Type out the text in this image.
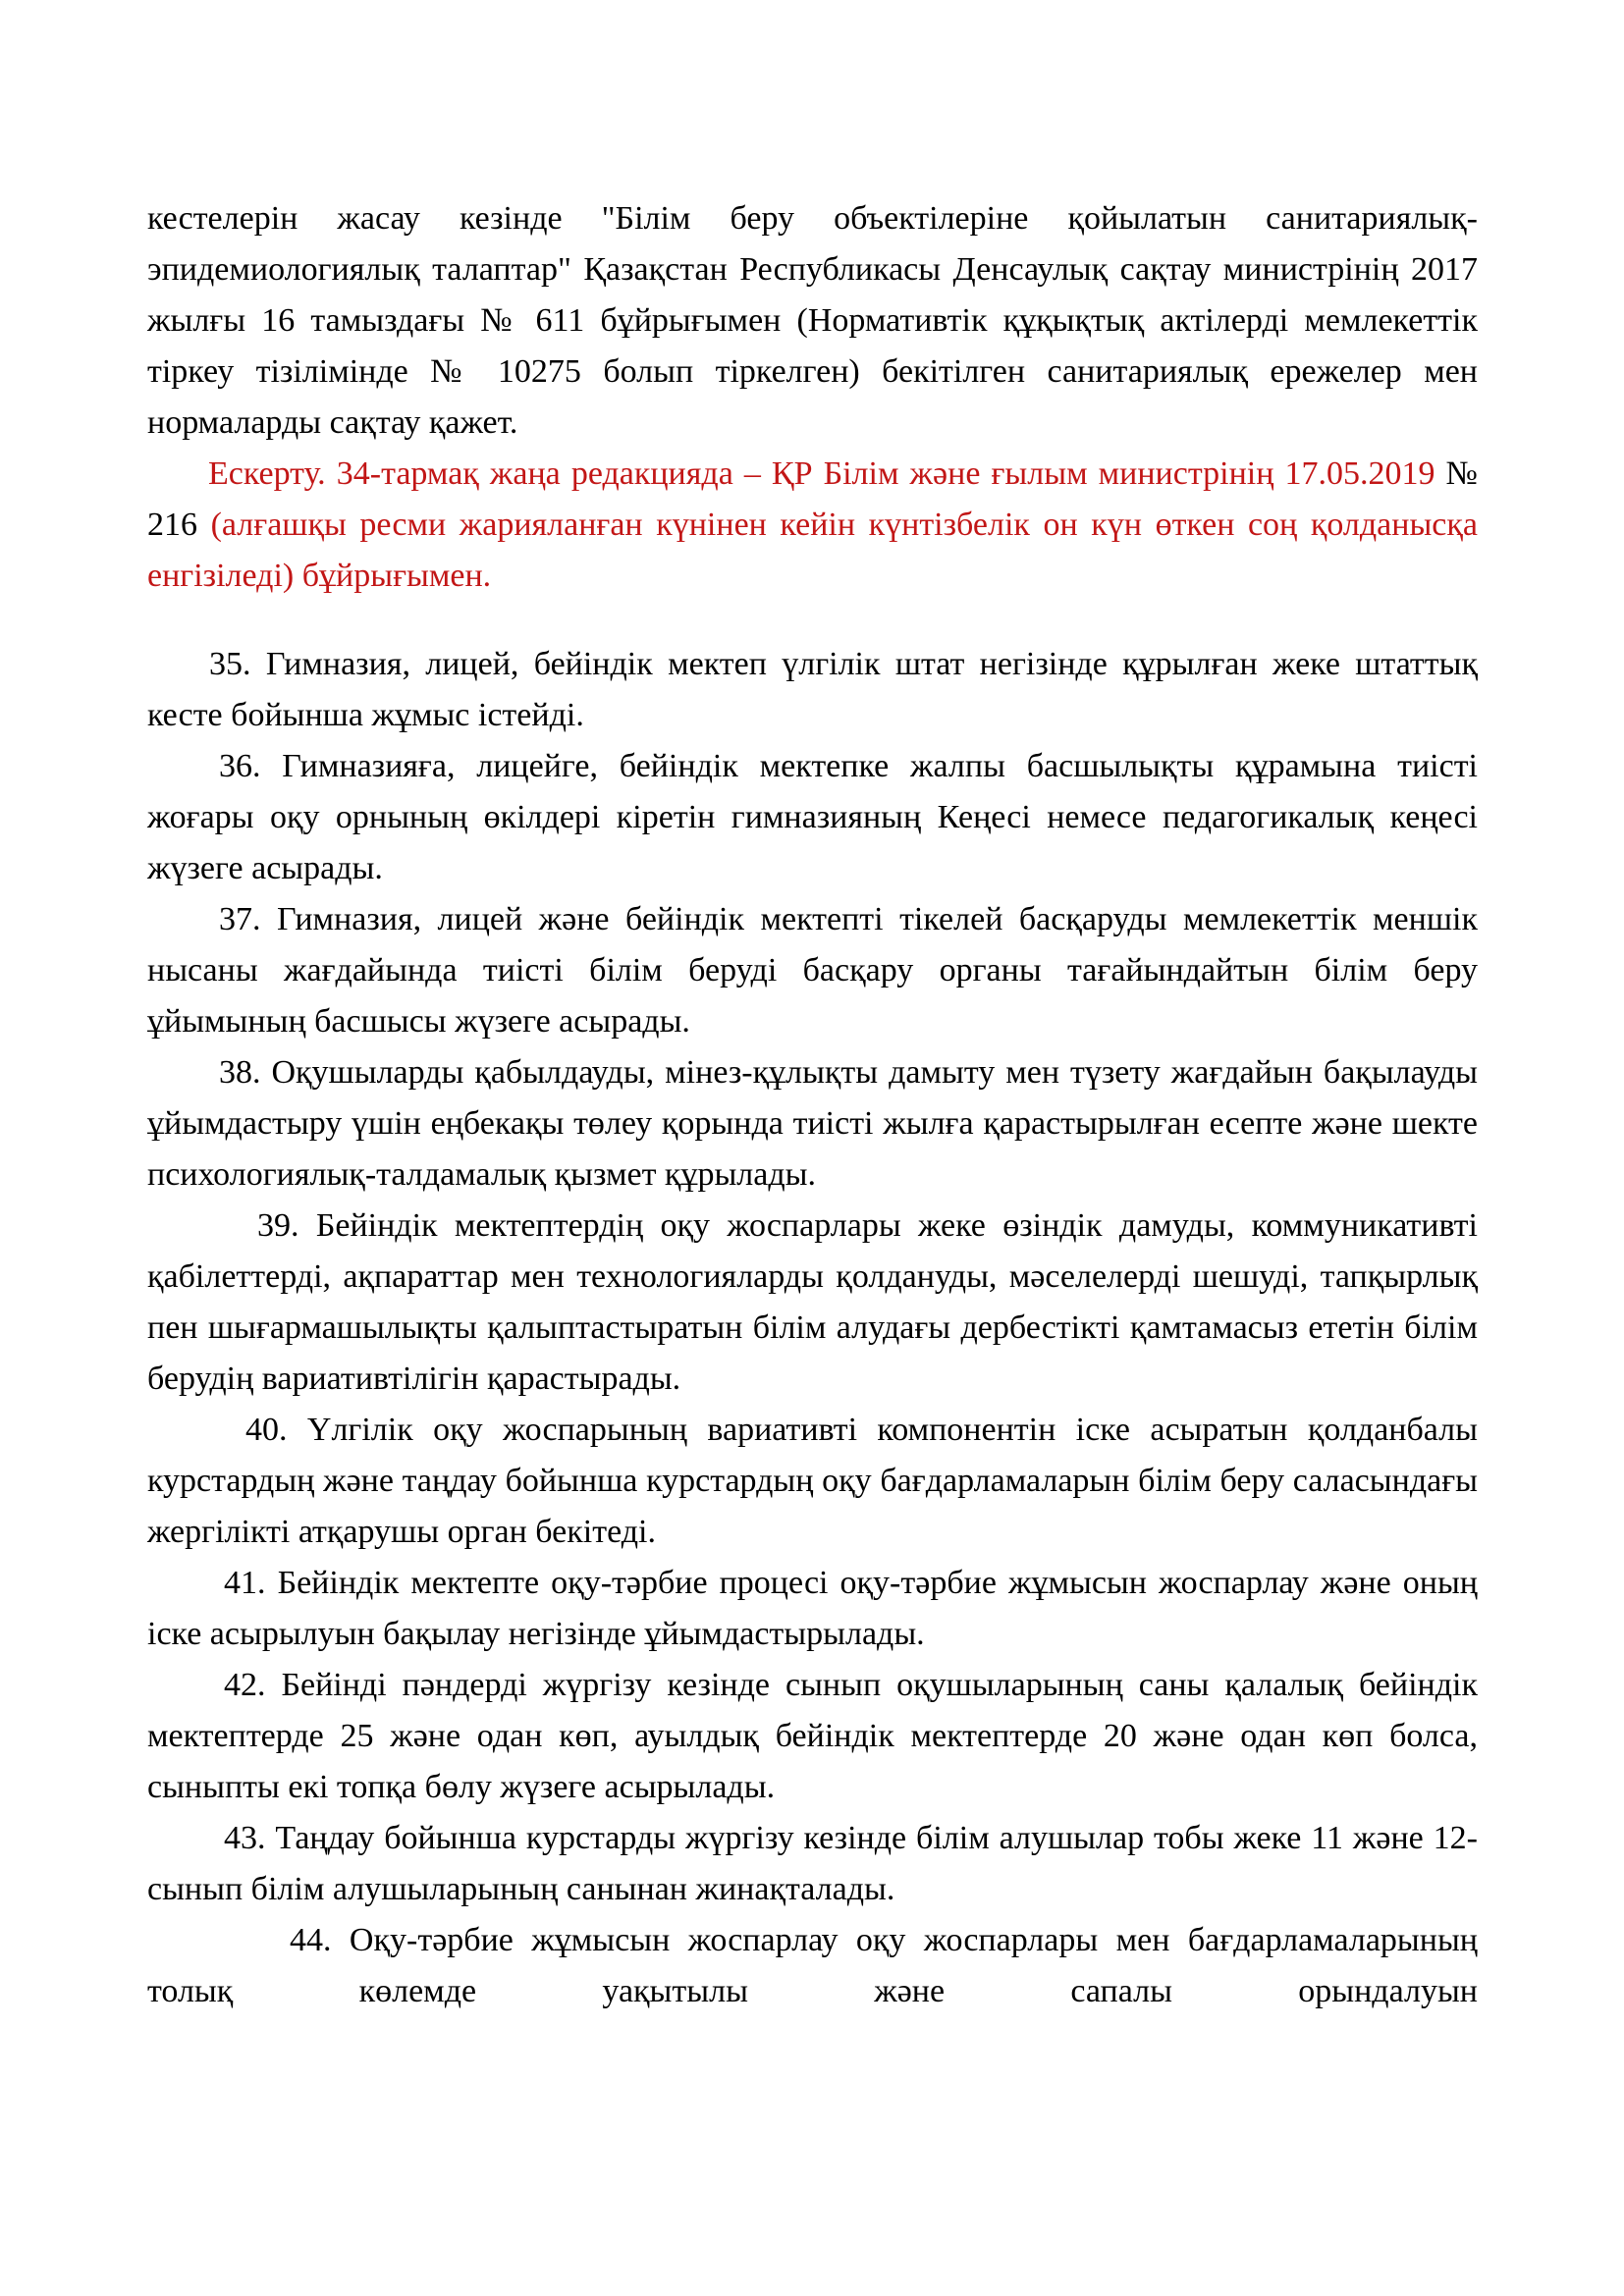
кестелерін жасау кезінде "Білім беру объектілеріне қойылатын санитариялық-эпидемиологиялық талаптар" Қазақстан Республикасы Денсаулық сақтау министрінің 2017 жылғы 16 тамыздағы № 611 бұйрығымен (Нормативтік құқықтық актілерді мемлекеттік тіркеу тізілімінде № 10275 болып тіркелген) бекітілген санитариялық ережелер мен нормаларды сақтау қажет.

Ескерту. 34-тармақ жаңа редакцияда – ҚР Білім және ғылым министрінің 17.05.2019 № 216 (алғашқы ресми жарияланған күнінен кейін күнтізбелік он күн өткен соң қолданысқа енгізіледі) бұйрығымен.

35. Гимназия, лицей, бейіндік мектеп үлгілік штат негізінде құрылған жеке штаттық кесте бойынша жұмыс істейді.

36. Гимназияға, лицейге, бейіндік мектепке жалпы басшылықты құрамына тиісті жоғары оқу орнының өкілдері кіретін гимназияның Кеңесі немесе педагогикалық кеңесі жүзеге асырады.

37. Гимназия, лицей және бейіндік мектепті тікелей басқаруды мемлекеттік меншік нысаны жағдайында тиісті білім беруді басқару органы тағайындайтын білім беру ұйымының басшысы жүзеге асырады.

38. Оқушыларды қабылдауды, мінез-құлықты дамыту мен түзету жағдайын бақылауды ұйымдастыру үшін еңбекақы төлеу қорында тиісті жылға қарастырылған есепте және шекте психологиялық-талдамалық қызмет құрылады.

39. Бейіндік мектептердің оқу жоспарлары жеке өзіндік дамуды, коммуникативті қабілеттерді, ақпараттар мен технологияларды қолдануды, мәселелерді шешуді, тапқырлық пен шығармашылықты қалыптастыратын білім алудағы дербестікті қамтамасыз ететін білім берудің вариативтілігін қарастырады.

40. Үлгілік оқу жоспарының вариативті компонентін іске асыратын қолданбалы курстардың және таңдау бойынша курстардың оқу бағдарламаларын білім беру саласындағы жергілікті атқарушы орган бекітеді.

41. Бейіндік мектепте оқу-тәрбие процесі оқу-тәрбие жұмысын жоспарлау және оның іске асырылуын бақылау негізінде ұйымдастырылады.

42. Бейінді пәндерді жүргізу кезінде сынып оқушыларының саны қалалық бейіндік мектептерде 25 және одан көп, ауылдық бейіндік мектептерде 20 және одан көп болса, сыныпты екі топқа бөлу жүзеге асырылады.

43. Таңдау бойынша курстарды жүргізу кезінде білім алушылар тобы жеке 11 және 12-сынып білім алушыларының санынан жинақталады.

44. Оқу-тәрбие жұмысын жоспарлау оқу жоспарлары мен бағдарламаларының толық көлемде уақытылы және сапалы орындалуын
